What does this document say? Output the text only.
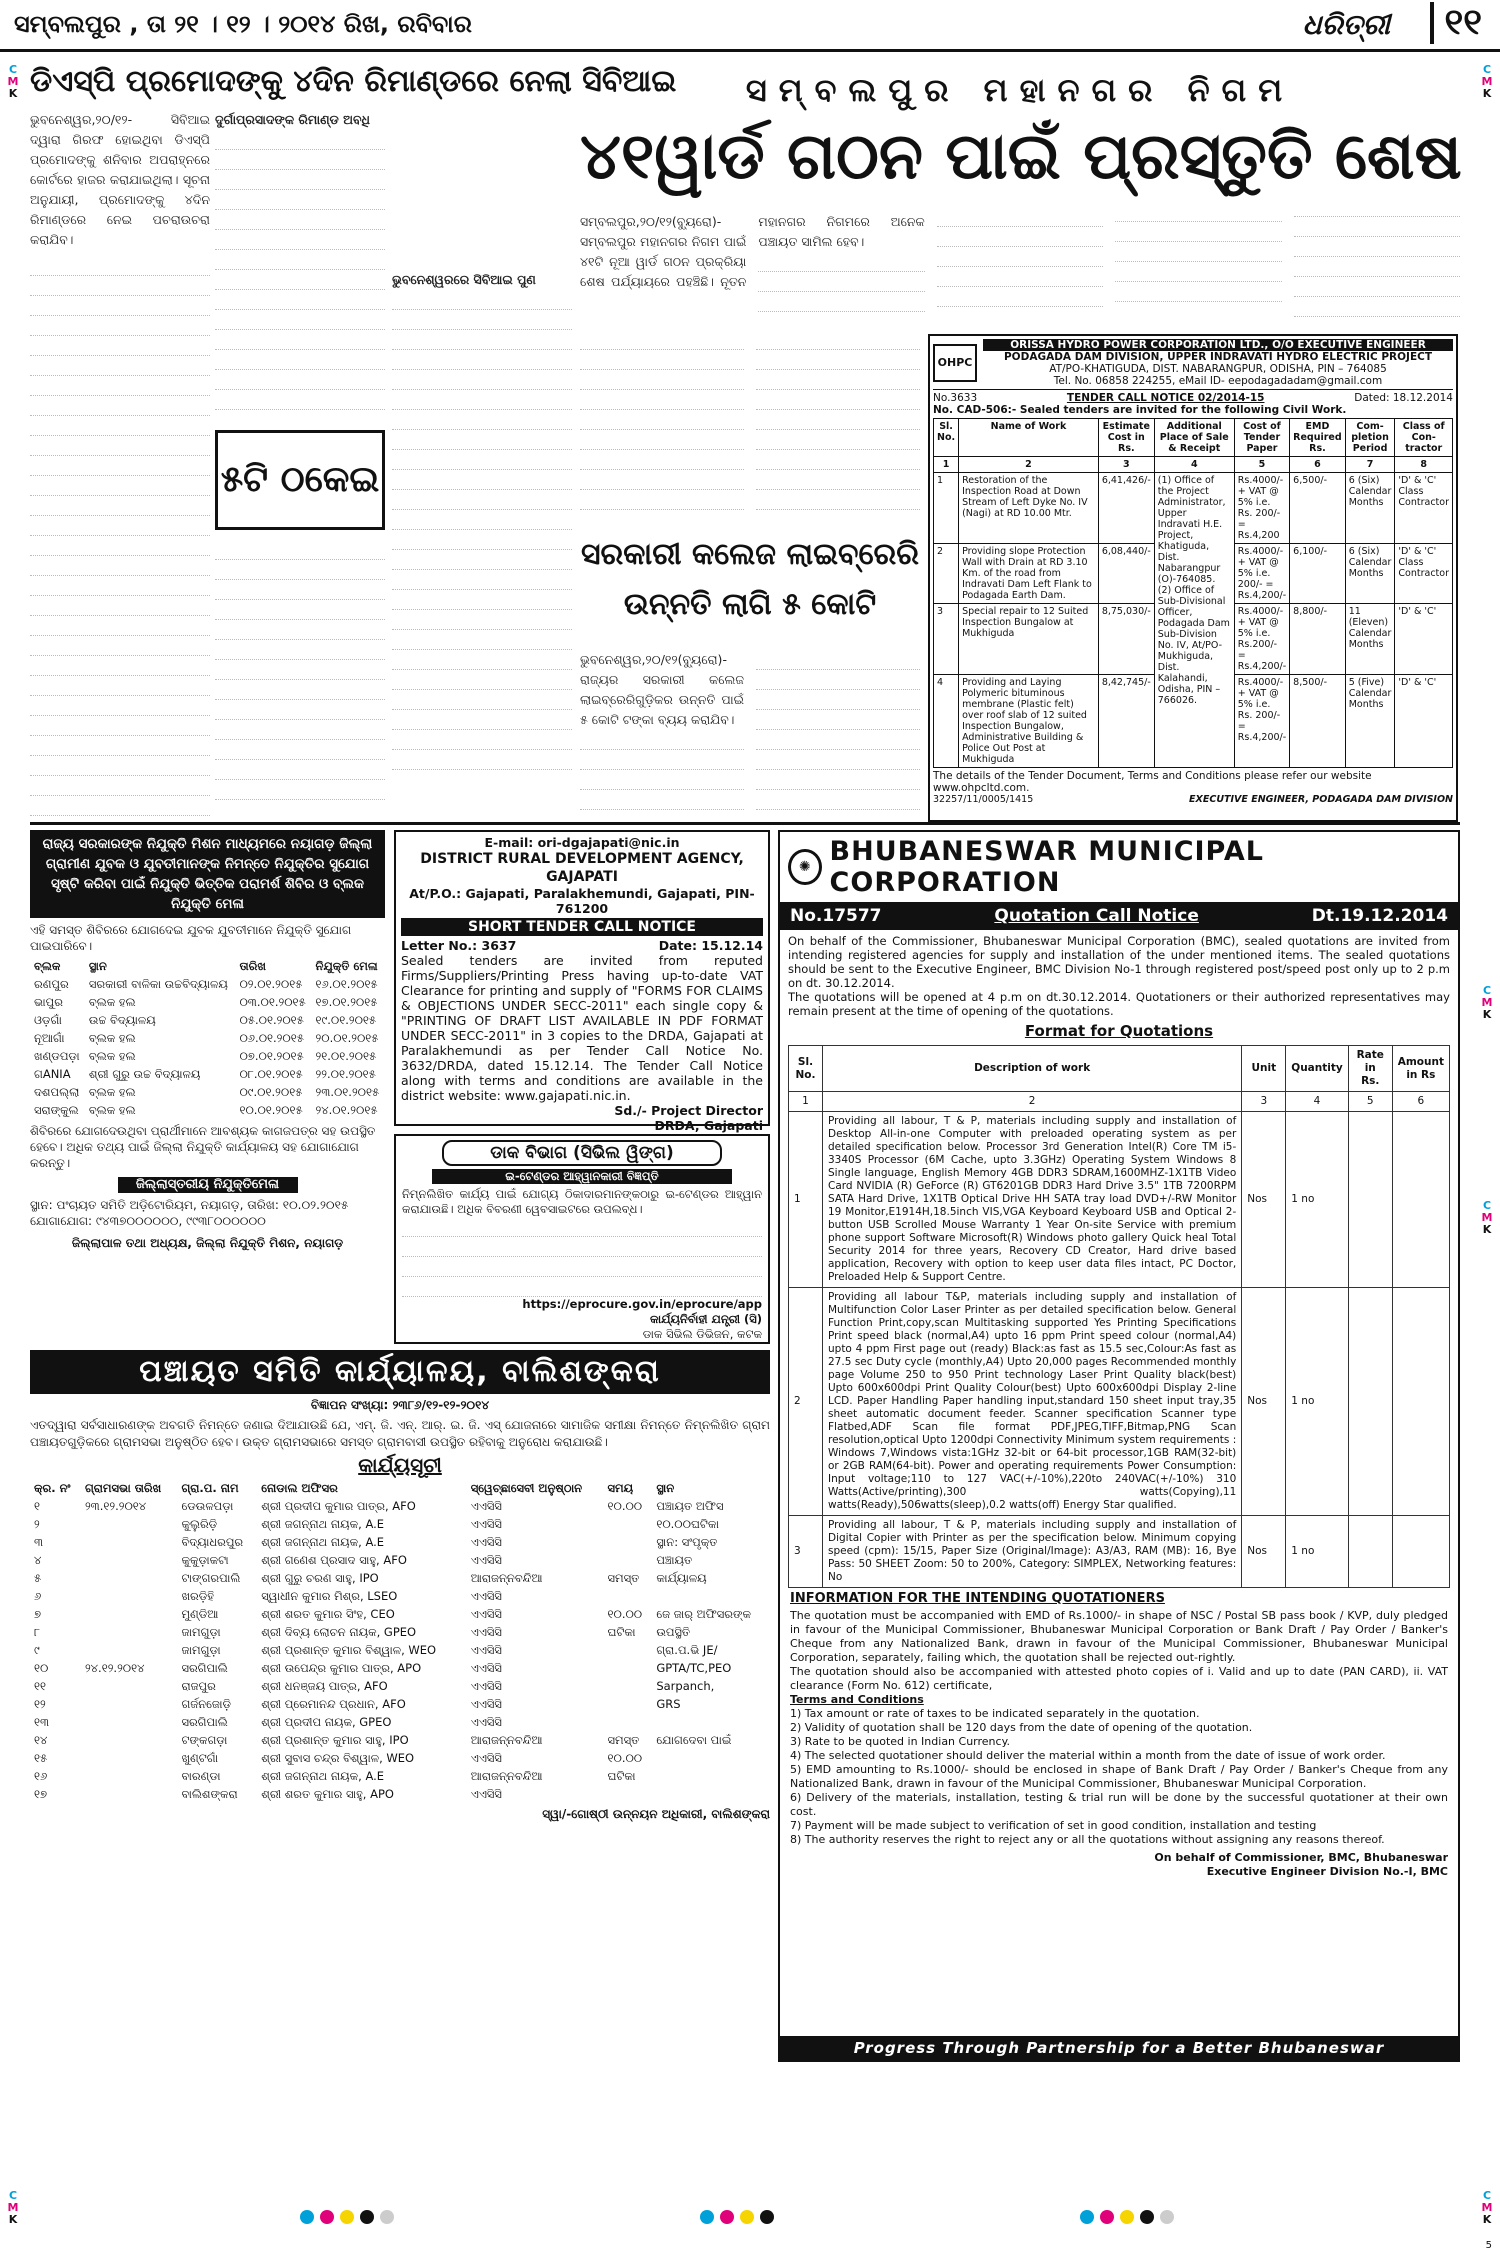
ସମ୍ବଲପୁର , ତା ୨୧ । ୧୨ । ୨୦୧୪ ରିଖ, ରବିବାର	ଧରିତ୍ରୀ	୧୧
C
M
K
C
M
K
C
M
K
C
M
K
C
M
K
C
M
K
ଡିଏସ୍ପି ପ୍ରମୋଦଙ୍କୁ ୪ଦିନ ରିମାଣ୍ଡରେ ନେଲା ସିବିଆଇ
ଭୁବନେଶ୍ୱର,୨୦/୧୨- ସିବିଆଇ ଦ୍ୱାରା ଗିରଫ ହୋଇଥିବା ଡିଏସ୍ପି ପ୍ରମୋଦଙ୍କୁ ଶନିବାର ଅପରାହ୍ନରେ କୋର୍ଟରେ ହାଜର କରାଯାଇଥିଲା। ସୂଚନା ଅନୁଯାୟୀ, ପ୍ରମୋଦଙ୍କୁ ୪ଦିନ ରିମାଣ୍ଡରେ ନେଇ ପଚରାଉଚରା କରାଯିବ।
୫ଟି ଠକେଇ
ଦୁର୍ଗାପ୍ରସାଦଙ୍କ ରିମାଣ୍ଡ ଅବଧି
ଭୁବନେଶ୍ୱରରେ ସିବିଆଇ ପୁଣ
ସମ୍ବଲପୁର ମହାନଗର ନିଗମ
୪୧ୱାର୍ଡ ଗଠନ ପାଇଁ ପ୍ରସ୍ତୁତି ଶେଷ
ସମ୍ବଲପୁର,୨୦/୧୨(ବ୍ୟୁରୋ)- ସମ୍ବଲପୁର ମହାନଗର ନିଗମ ପାଇଁ ୪୧ଟି ନୂଆ ୱାର୍ଡ ଗଠନ ପ୍ରକ୍ରିୟା ଶେଷ ପର୍ଯ୍ୟାୟରେ ପହଞ୍ଚିଛି। ନୂତନ ମହାନଗର ନିଗମରେ ଅନେକ ପଞ୍ଚାୟତ ସାମିଲ ହେବ।
ସରକାରୀ କଲେଜ ଲାଇବ୍ରେରି
ଉନ୍ନତି ଲାଗି ୫ କୋଟି
ଭୁବନେଶ୍ୱର,୨୦/୧୨(ବ୍ୟୁରୋ)- ରାଜ୍ୟର ସରକାରୀ କଲେଜ ଲାଇବ୍ରେରିଗୁଡ଼ିକର ଉନ୍ନତି ପାଇଁ ୫ କୋଟି ଟଙ୍କା ବ୍ୟୟ କରାଯିବ।
OHPC
ORISSA HYDRO POWER CORPORATION LTD., O/O EXECUTIVE ENGINEER
PODAGADA DAM DIVISION, UPPER INDRAVATI HYDRO ELECTRIC PROJECT
AT/PO-KHATIGUDA, DIST. NABARANGPUR, ODISHA, PIN – 764085
Tel. No. 06858 224255, eMail ID- eepodagadadam@gmail.com
No.3633	TENDER CALL NOTICE 02/2014-15	Dated: 18.12.2014
No. CAD-506:- Sealed tenders are invited for the following Civil Work.
Sl. No.	Name of Work	Estimate Cost in Rs.	Additional Place of Sale & Receipt	Cost of Tender Paper	EMD Required Rs.	Com-pletion Period	Class of Con-tractor
1	2	3	4	5	6	7	8
1	Restoration of the Inspection Road at Down Stream of Left Dyke No. IV (Nagi) at RD 10.00 Mtr.	6,41,426/-	(1) Office of the Project Administrator, Upper Indravati H.E. Project, Khatiguda, Dist. Nabarangpur (O)-764085. (2) Office of Sub-Divisional Officer, Podagada Dam Sub-Division No. IV, At/PO-Mukhiguda, Dist. Kalahandi, Odisha, PIN – 766026.	Rs.4000/- + VAT @ 5% i.e. Rs. 200/- = Rs.4,200	6,500/-	6 (Six) Calendar Months	'D' & 'C' Class Contractor
2	Providing slope Protection Wall with Drain at RD 3.10 Km. of the road from Indravati Dam Left Flank to Podagada Earth Dam.	6,08,440/-		Rs.4000/- + VAT @ 5% i.e. 200/- = Rs.4,200/-	6,100/-	6 (Six) Calendar Months	'D' & 'C' Class Contractor
3	Special repair to 12 Suited Inspection Bungalow at Mukhiguda	8,75,030/-		Rs.4000/- + VAT @ 5% i.e. Rs.200/- = Rs.4,200/-	8,800/-	11 (Eleven) Calendar Months	'D' & 'C'
4	Providing and Laying Polymeric bituminous membrane (Plastic felt) over roof slab of 12 suited Inspection Bungalow, Administrative Building & Police Out Post at Mukhiguda	8,42,745/-		Rs.4000/- + VAT @ 5% i.e. Rs. 200/- = Rs.4,200/-	8,500/-	5 (Five) Calendar Months	'D' & 'C'
The details of the Tender Document, Terms and Conditions please refer our website www.ohpcltd.com.
32257/11/0005/1415	EXECUTIVE ENGINEER, PODAGADA DAM DIVISION
ରାଜ୍ୟ ସରକାରଙ୍କ ନିଯୁକ୍ତି ମିଶନ ମାଧ୍ୟମରେ ନୟାଗଡ଼ ଜିଲ୍ଲା ଗ୍ରାମୀଣ ଯୁବକ ଓ ଯୁବତୀମାନଙ୍କ ନିମନ୍ତେ ନିଯୁକ୍ତିର ସୁଯୋଗ ସୃଷ୍ଟି କରିବା ପାଇଁ ନିଯୁକ୍ତି ଭିତ୍ତିକ ପରାମର୍ଶ ଶିବିର ଓ ବ୍ଲକ ନିଯୁକ୍ତି ମେଳା
ଏହି ସମସ୍ତ ଶିବିରରେ ଯୋଗଦେଇ ଯୁବକ ଯୁବତୀମାନେ ନିଯୁକ୍ତି ସୁଯୋଗ ପାଇପାରିବେ।
ବ୍ଲକ	ସ୍ଥାନ	ତାରିଖ	ନିଯୁକ୍ତି ମେଳା
ରଣପୁର	ସରକାରୀ ବାଳିକା ଉଚ୍ଚବିଦ୍ୟାଳୟ	୦୨.୦୧.୨୦୧୫	୧୬.୦୧.୨୦୧୫
ଭାପୁର	ବ୍ଲକ ହଲ	୦୩.୦୧.୨୦୧୫	୧୭.୦୧.୨୦୧୫
ଓଡ଼ଗାଁ	ଉଚ୍ଚ ବିଦ୍ୟାଳୟ	୦୫.୦୧.୨୦୧୫	୧୯.୦୧.୨୦୧୫
ନୂଆଗାଁ	ବ୍ଲକ ହଲ	୦୬.୦୧.୨୦୧୫	୨୦.୦୧.୨୦୧୫
ଖଣ୍ଡପଡ଼ା	ବ୍ଲକ ହଲ	୦୭.୦୧.୨୦୧୫	୨୧.୦୧.୨୦୧୫
ଗANIA	ଶ୍ରୀ ଗୁରୁ ଉଚ୍ଚ ବିଦ୍ୟାଳୟ	୦୮.୦୧.୨୦୧୫	୨୨.୦୧.୨୦୧୫
ଦଶପଲ୍ଲା	ବ୍ଲକ ହଲ	୦୯.୦୧.୨୦୧୫	୨୩.୦୧.୨୦୧୫
ସରାଙ୍କୁଲ	ବ୍ଲକ ହଲ	୧୦.୦୧.୨୦୧୫	୨୪.୦୧.୨୦୧୫
ଶିବିରରେ ଯୋଗଦେଉଥିବା ପ୍ରାର୍ଥୀମାନେ ଆବଶ୍ୟକ କାଗଜପତ୍ର ସହ ଉପସ୍ଥିତ ହେବେ। ଅଧିକ ତଥ୍ୟ ପାଇଁ ଜିଲ୍ଲା ନିଯୁକ୍ତି କାର୍ଯ୍ୟାଳୟ ସହ ଯୋଗାଯୋଗ କରନ୍ତୁ।
ଜିଲ୍ଲାସ୍ତରୀୟ ନିଯୁକ୍ତିମେଳା
ସ୍ଥାନ: ପଂଚାୟତ ସମିତି ଅଡ଼ିଟୋରିୟମ, ନୟାଗଡ଼, ତାରିଖ: ୧୦.୦୨.୨୦୧୫
ଯୋଗାଯୋଗ: ୯୪୩୭୦୦୦୦୦୦, ୯୯୩୮୦୦୦୦୦୦
ଜିଲ୍ଲାପାଳ ତଥା ଅଧ୍ୟକ୍ଷ, ଜିଲ୍ଲା ନିଯୁକ୍ତି ମିଶନ, ନୟାଗଡ଼
E-mail: ori-dgajapati@nic.in
DISTRICT RURAL DEVELOPMENT AGENCY, GAJAPATI
At/P.O.: Gajapati, Paralakhemundi, Gajapati, PIN-761200
SHORT TENDER CALL NOTICE
Letter No.: 3637	Date: 15.12.14
Sealed tenders are invited from reputed Firms/Suppliers/Printing Press having up-to-date VAT Clearance for printing and supply of "FORMS FOR CLAIMS & OBJECTIONS UNDER SECC-2011" each single copy & "PRINTING OF DRAFT LIST AVAILABLE IN PDF FORMAT UNDER SECC-2011" in 3 copies to the DRDA, Gajapati at Paralakhemundi as per Tender Call Notice No. 3632/DRDA, dated 15.12.14. The Tender Call Notice along with terms and conditions are available in the district website: www.gajapati.nic.in.
Sd./- Project Director
DRDA, Gajapati
ଡାକ ବିଭାଗ (ସିଭିଲ ୱିଙ୍ଗ)
ଇ-ଟେଣ୍ଡର ଆହ୍ୱାନକାରୀ ବିଜ୍ଞପ୍ତି
ନିମ୍ନଲିଖିତ କାର୍ଯ୍ୟ ପାଇଁ ଯୋଗ୍ୟ ଠିକାଦାରମାନଙ୍କଠାରୁ ଇ-ଟେଣ୍ଡର ଆହ୍ୱାନ କରାଯାଉଛି। ଅଧିକ ବିବରଣୀ ୱେବସାଇଟରେ ଉପଲବ୍ଧ।
https://eprocure.gov.in/eprocure/app
କାର୍ଯ୍ୟନିର୍ବାହୀ ଯନ୍ତ୍ରୀ (ସି)
ଡାକ ସିଭିଲ ଡିଭିଜନ, କଟକ
ପଞ୍ଚାୟତ ସମିତି କାର୍ଯ୍ୟାଳୟ, ବାଲିଶଙ୍କରା
ବିଜ୍ଞାପନ ସଂଖ୍ୟା: ୨୩୮୬/୧୨-୧୨-୨୦୧୪
ଏତଦ୍ୱାରା ସର୍ବସାଧାରଣଙ୍କ ଅବଗତି ନିମନ୍ତେ ଜଣାଇ ଦିଆଯାଉଛି ଯେ, ଏମ୍. ଜି. ଏନ୍. ଆର୍. ଇ. ଜି. ଏସ୍ ଯୋଜନାରେ ସାମାଜିକ ସମୀକ୍ଷା ନିମନ୍ତେ ନିମ୍ନଲିଖିତ ଗ୍ରାମ ପଞ୍ଚାୟତଗୁଡ଼ିକରେ ଗ୍ରାମସଭା ଅନୁଷ୍ଠିତ ହେବ। ଉକ୍ତ ଗ୍ରାମସଭାରେ ସମସ୍ତ ଗ୍ରାମବାସୀ ଉପସ୍ଥିତ ରହିବାକୁ ଅନୁରୋଧ କରାଯାଉଛି।
କାର୍ଯ୍ୟସୂଚୀ
କ୍ର. ନଂ	ଗ୍ରାମସଭା ତାରିଖ	ଗ୍ରା.ପ. ନାମ	ନୋଡାଲ ଅଫିସର	ସ୍ୱେଚ୍ଛାସେବୀ ଅନୁଷ୍ଠାନ	ସମୟ	ସ୍ଥାନ
୧	୨୩.୧୨.୨୦୧୪	ଡେଉଳପଡ଼ା	ଶ୍ରୀ ପ୍ରଦୀପ କୁମାର ପାତ୍ର, AFO	ଏଏସିସି	୧୦.୦୦	ପଞ୍ଚାୟତ ଅଫିସ
୨		କୁଲୁରିଡ଼ି	ଶ୍ରୀ ଜଗନ୍ନାଥ ନାୟକ, A.E	ଏଏସିସି		୧୦.୦୦ଘଟିକା
୩		ବିଦ୍ୟାଧରପୁର	ଶ୍ରୀ ଜଗନ୍ନାଥ ନାୟକ, A.E	ଏଏସିସି		ସ୍ଥାନ: ସଂପୃକ୍ତ
୪		କୁକୁଡ଼ାକଟା	ଶ୍ରୀ ଗଣେଶ ପ୍ରସାଦ ସାହୁ, AFO	ଏଏସିସି		ପଞ୍ଚାୟତ
୫		ଟାଙ୍ଗରପାଲି	ଶ୍ରୀ ଗୁରୁ ଚରଣ ସାହୁ, IPO	ଆରାଜନ୍ନବନ୍ଦିଆ	ସମସ୍ତ	କାର୍ଯ୍ୟାଳୟ
୬		ଖରଡ଼ିହି	ସ୍ୱାଧୀନ କୁମାର ମିଶ୍ର, LSEO	ଏଏସିସି		
୭		ମୁଣ୍ଡିଆ	ଶ୍ରୀ ଶରତ କୁମାର ସିଂହ, CEO	ଏଏସିସି	୧୦.୦୦	ଜେ ଜାର୍ ଅଫିସରଙ୍କ
୮		ଜାମଗୁଡ଼ା	ଶ୍ରୀ ଦିବ୍ୟ ଲୋଚନ ନାୟକ, GPEO	ଏଏସିସି	ଘଟିକା	ଉପସ୍ଥିତି
୯		ଜାମଗୁଡ଼ା	ଶ୍ରୀ ପ୍ରଶାନ୍ତ କୁମାର ବିଶ୍ୱାଳ, WEO	ଏଏସିସି		ଗ୍ରା.ପ.ଭି JE/
୧୦	୨୪.୧୨.୨୦୧୪	ସରଗିପାଲି	ଶ୍ରୀ ଉପେନ୍ଦ୍ର କୁମାର ପାତ୍ର, APO	ଏଏସିସି		GPTA/TC,PEO
୧୧		ରାଜପୁର	ଶ୍ରୀ ଧନଞ୍ଜୟ ପାତ୍ର, AFO	ଏଏସିସି		Sarpanch,
୧୨		ଗର୍ଜନଜୋଡ଼ି	ଶ୍ରୀ ପ୍ରେମାନନ୍ଦ ପ୍ରଧାନ, AFO	ଏଏସିସି		GRS
୧୩		ସରଗିପାଲି	ଶ୍ରୀ ପ୍ରଦୀପ ନାୟକ, GPEO	ଏଏସିସି		
୧୪		ଟଙ୍କଗଡ଼ା	ଶ୍ରୀ ପ୍ରଶାନ୍ତ କୁମାର ସାହୁ, IPO	ଆରାଜନ୍ନବନ୍ଦିଆ	ସମସ୍ତ	ଯୋଗଦେବା ପାଇଁ
୧୫		ଖୁଣ୍ଟଗାଁ	ଶ୍ରୀ ସୁବାସ ଚନ୍ଦ୍ର ବିଶ୍ୱାଳ, WEO	ଏଏସିସି	୧୦.୦୦	
୧୬		ବାରଣ୍ଡା	ଶ୍ରୀ ଜଗନ୍ନାଥ ନାୟକ, A.E	ଆରାଜନ୍ନବନ୍ଦିଆ	ଘଟିକା	
୧୭		ବାଲିଶଙ୍କରା	ଶ୍ରୀ ଶରତ କୁମାର ସାହୁ, APO	ଏଏସିସି		
ସ୍ୱା/-ଗୋଷ୍ଠୀ ଉନ୍ନୟନ ଅଧିକାରୀ, ବାଲିଶଙ୍କରା
✺ BHUBANESWAR MUNICIPAL CORPORATION
No.17577	Quotation Call Notice	Dt.19.12.2014
On behalf of the Commissioner, Bhubaneswar Municipal Corporation (BMC), sealed quotations are invited from intending registered agencies for supply and installation of the under mentioned items. The sealed quotations should be sent to the Executive Engineer, BMC Division No-1 through registered post/speed post only up to 2 p.m on dt. 30.12.2014.
The quotations will be opened at 4 p.m on dt.30.12.2014. Quotationers or their authorized representatives may remain present at the time of opening of the quotations.
Format for Quotations
Sl. No.	Description of work	Unit	Quantity	Rate in Rs.	Amount in Rs
1	2	3	4	5	6
1	Providing all labour, T & P, materials including supply and installation of Desktop All-in-one Computer with preloaded operating system as per detailed specification below. Processor 3rd Generation Intel(R) Core TM i5-3340S Processor (6M Cache, upto 3.3GHz) Operating System Windows 8 Single language, English Memory 4GB DDR3 SDRAM,1600MHZ-1X1TB Video Card NVIDIA (R) GeForce (R) GT6201GB DDR3 Hard Drive 3.5" 1TB 7200RPM SATA Hard Drive, 1X1TB Optical Drive HH SATA tray load DVD+/-RW Monitor 19 Monitor,E1914H,18.5inch VIS,VGA Keyboard Keyboard USB and Optical 2-button USB Scrolled Mouse Warranty 1 Year On-site Service with premium phone support Software Microsoft(R) Windows photo gallery Quick heal Total Security 2014 for three years, Recovery CD Creator, Hard drive based application, Recovery with option to keep user data files intact, PC Doctor, Preloaded Help & Support Centre.	Nos	1 no		
2	Providing all labour T&P, materials including supply and installation of Multifunction Color Laser Printer as per detailed specification below. General Function Print,copy,scan Multitasking supported Yes Printing Specifications Print speed black (normal,A4) upto 16 ppm Print speed colour (normal,A4) upto 4 ppm First page out (ready) Black:as fast as 15.5 sec,Colour:As fast as 27.5 sec Duty cycle (monthly,A4) Upto 20,000 pages Recommended monthly page Volume 250 to 950 Print technology Laser Print Quality black(best) Upto 600x600dpi Print Quality Colour(best) Upto 600x600dpi Display 2-line LCD. Paper Handling Paper handling input,standard 150 sheet input tray,35 sheet automatic document feeder. Scanner specification Scanner type Flatbed,ADF Scan file format PDF,JPEG,TIFF,Bitmap,PNG Scan resolution,optical Upto 1200dpi Connectivity Minimum system requirements : Windows 7,Windows vista:1GHz 32-bit or 64-bit processor,1GB RAM(32-bit) or 2GB RAM(64-bit). Power and operating requirements Power Consumption: Input voltage;110 to 127 VAC(+/-10%),220to 240VAC(+/-10%) 310 Watts(Active/printing),300 watts(Copying),11 watts(Ready),506watts(sleep),0.2 watts(off) Energy Star qualified.	Nos	1 no		
3	Providing all labour, T & P, materials including supply and installation of Digital Copier with Printer as per the specification below. Minimum copying speed (cpm): 15/15, Paper Size (Original/Image): A3/A3, RAM (MB): 16, Bye Pass: 50 SHEET Zoom: 50 to 200%, Category: SIMPLEX, Networking features: No	Nos	1 no		
INFORMATION FOR THE INTENDING QUOTATIONERS
The quotation must be accompanied with EMD of Rs.1000/- in shape of NSC / Postal SB pass book / KVP, duly pledged in favour of the Municipal Commissioner, Bhubaneswar Municipal Corporation or Bank Draft / Pay Order / Banker's Cheque from any Nationalized Bank, drawn in favour of the Municipal Commissioner, Bhubaneswar Municipal Corporation, separately, failing which, the quotation shall be rejected out-rightly.
The quotation should also be accompanied with attested photo copies of i. Valid and up to date (PAN CARD), ii. VAT clearance (Form No. 612) certificate,
Terms and Conditions
1) Tax amount or rate of taxes to be indicated separately in the quotation.
2) Validity of quotation shall be 120 days from the date of opening of the quotation.
3) Rate to be quoted in Indian Currency.
4) The selected quotationer should deliver the material within a month from the date of issue of work order.
5) EMD amounting to Rs.1000/- should be enclosed in shape of Bank Draft / Pay Order / Banker's Cheque from any Nationalized Bank, drawn in favour of the Municipal Commissioner, Bhubaneswar Municipal Corporation.
6) Delivery of the materials, installation, testing & trial run will be done by the successful quotationer at their own cost.
7) Payment will be made subject to verification of set in good condition, installation and testing
8) The authority reserves the right to reject any or all the quotations without assigning any reasons thereof.
On behalf of Commissioner, BMC, Bhubaneswar
Executive Engineer Division No.-I, BMC
Progress Through Partnership for a Better Bhubaneswar
5
